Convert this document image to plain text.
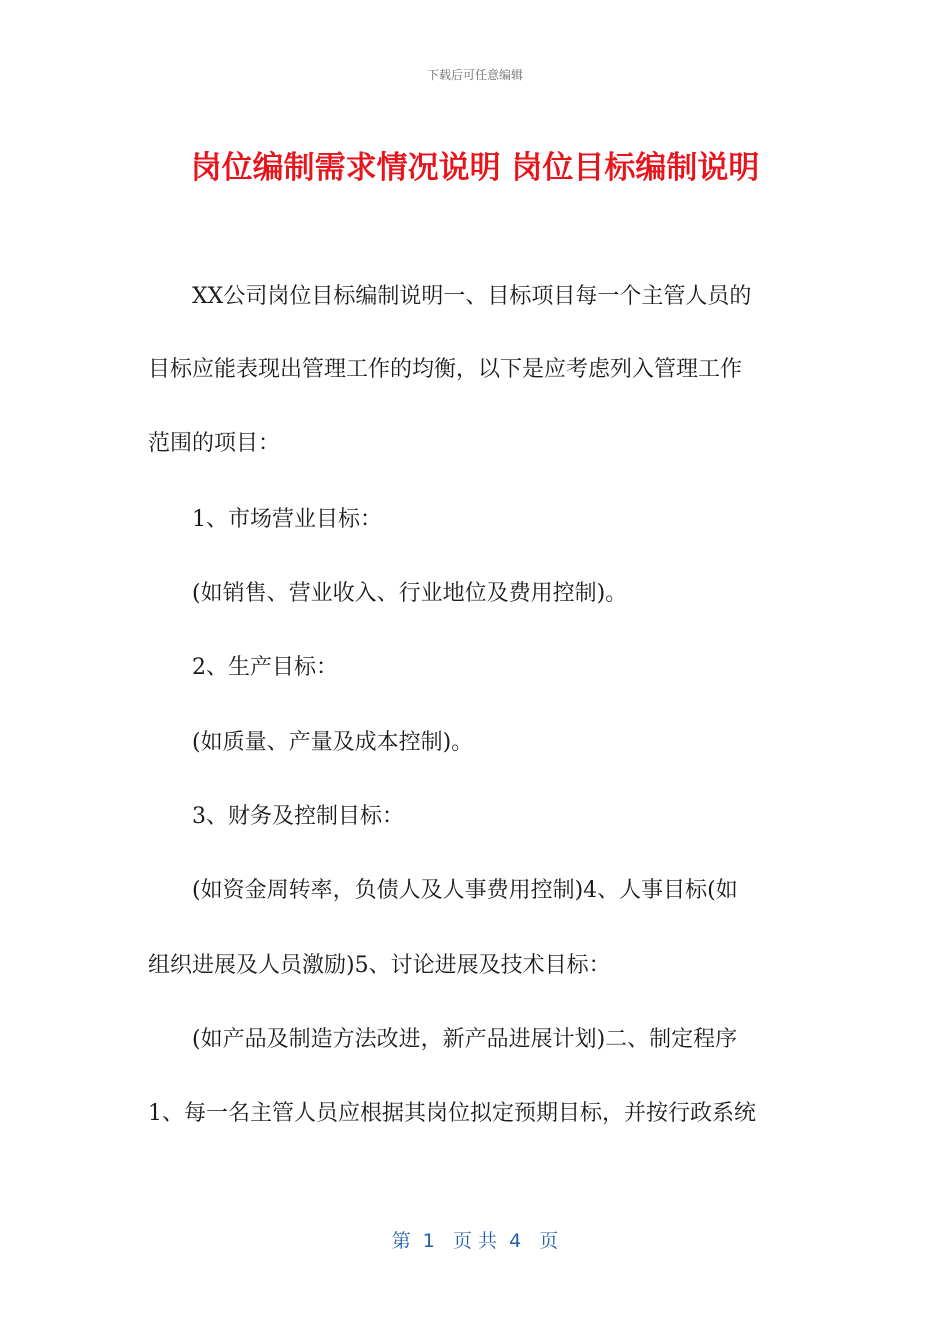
下载后可任意编辑
岗位编制需求情况说明 岗位目标编制说明
XX公司岗位目标编制说明一、目标项目每一个主管人员的
目标应能表现出管理工作的均衡，以下是应考虑列入管理工作
范围的项目：
1、市场营业目标：
(如销售、营业收入、行业地位及费用控制)。
2、生产目标：
(如质量、产量及成本控制)。
3、财务及控制目标：
(如资金周转率，负债人及人事费用控制)4、人事目标(如
组织进展及人员激励)5、讨论进展及技术目标：
(如产品及制造方法改进，新产品进展计划)二、制定程序
1、每一名主管人员应根据其岗位拟定预期目标，并按行政系统
第  1   页 共  4   页
